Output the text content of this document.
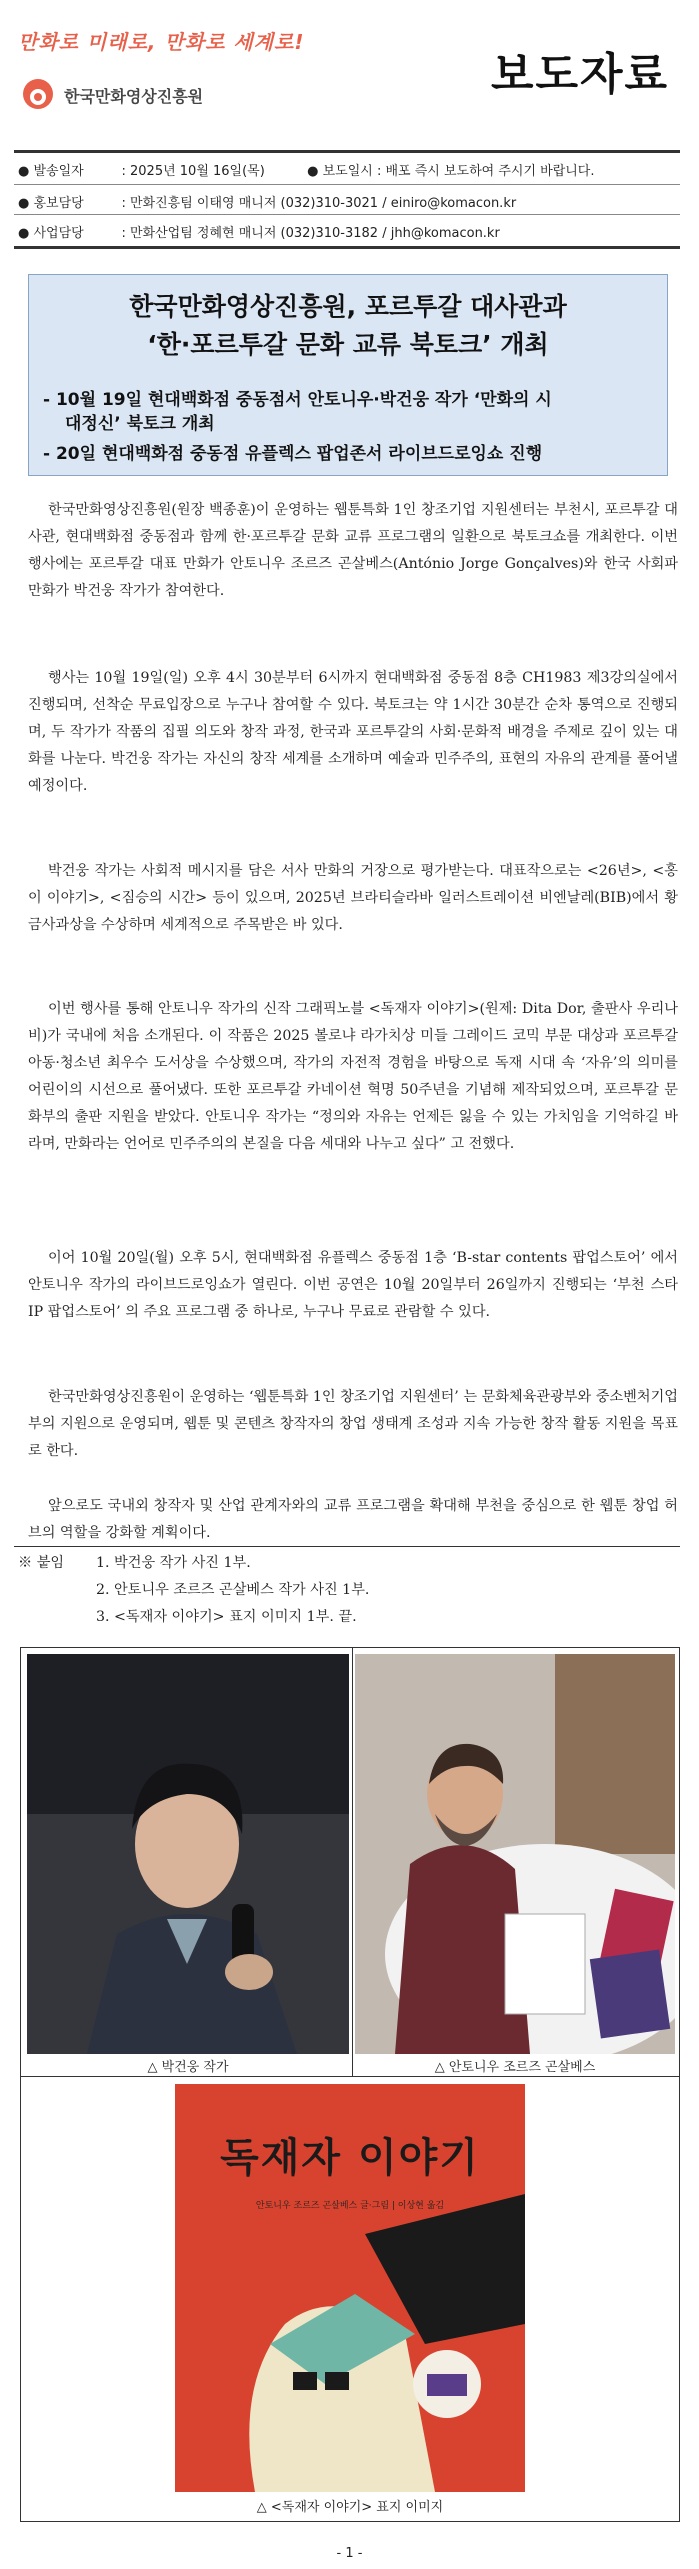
만화로 미래로, 만화로 세계로!
한국만화영상진흥원	보도자료
● 발송일자	: 2025년 10월 16일(목)	● 보도일시 : 배포 즉시 보도하여 주시기 바랍니다.
● 홍보담당	: 만화진흥팀 이태영 매니저 (032)310-3021 / einiro@komacon.kr
● 사업담당	: 만화산업팀 정혜현 매니저 (032)310-3182 / jhh@komacon.kr
한국만화영상진흥원, 포르투갈 대사관과
‘한·포르투갈 문화 교류 북토크’ 개최
- 10월 19일 현대백화점 중동점서 안토니우·박건웅 작가 ‘만화의 시
대정신’ 북토크 개최
- 20일 현대백화점 중동점 유플렉스 팝업존서 라이브드로잉쇼 진행
한국만화영상진흥원(원장 백종훈)이 운영하는 웹툰특화 1인 창조기업 지원센터는 부천시, 포르투갈 대사관, 현대백화점 중동점과 함께 한·포르투갈 문화 교류 프로그램의 일환으로 북토크쇼를 개최한다. 이번 행사에는 포르투갈 대표 만화가 안토니우 조르즈 곤살베스(António Jorge Gonçalves)와 한국 사회파 만화가 박건웅 작가가 참여한다.
행사는 10월 19일(일) 오후 4시 30분부터 6시까지 현대백화점 중동점 8층 CH1983 제3강의실에서 진행되며, 선착순 무료입장으로 누구나 참여할 수 있다. 북토크는 약 1시간 30분간 순차 통역으로 진행되며, 두 작가가 작품의 집필 의도와 창작 과정, 한국과 포르투갈의 사회·문화적 배경을 주제로 깊이 있는 대화를 나눈다. 박건웅 작가는 자신의 창작 세계를 소개하며 예술과 민주주의, 표현의 자유의 관계를 풀어낼 예정이다.
박건웅 작가는 사회적 메시지를 담은 서사 만화의 거장으로 평가받는다. 대표작으로는 <26년>, <홍이 이야기>, <짐승의 시간> 등이 있으며, 2025년 브라티슬라바 일러스트레이션 비엔날레(BIB)에서 황금사과상을 수상하며 세계적으로 주목받은 바 있다.
이번 행사를 통해 안토니우 작가의 신작 그래픽노블 <독재자 이야기>(원제: Dita Dor, 출판사 우리나비)가 국내에 처음 소개된다. 이 작품은 2025 볼로냐 라가치상 미들 그레이드 코믹 부문 대상과 포르투갈 아동·청소년 최우수 도서상을 수상했으며, 작가의 자전적 경험을 바탕으로 독재 시대 속 ‘자유’의 의미를 어린이의 시선으로 풀어냈다. 또한 포르투갈 카네이션 혁명 50주년을 기념해 제작되었으며, 포르투갈 문화부의 출판 지원을 받았다. 안토니우 작가는 “정의와 자유는 언제든 잃을 수 있는 가치임을 기억하길 바라며, 만화라는 언어로 민주주의의 본질을 다음 세대와 나누고 싶다” 고 전했다.
이어 10월 20일(월) 오후 5시, 현대백화점 유플렉스 중동점 1층 ‘B-star contents 팝업스토어’ 에서 안토니우 작가의 라이브드로잉쇼가 열린다. 이번 공연은 10월 20일부터 26일까지 진행되는 ‘부천 스타 IP 팝업스토어’ 의 주요 프로그램 중 하나로, 누구나 무료로 관람할 수 있다.
한국만화영상진흥원이 운영하는 ‘웹툰특화 1인 창조기업 지원센터’ 는 문화체육관광부와 중소벤처기업부의 지원으로 운영되며, 웹툰 및 콘텐츠 창작자의 창업 생태계 조성과 지속 가능한 창작 활동 지원을 목표로 한다.
앞으로도 국내외 창작자 및 산업 관계자와의 교류 프로그램을 확대해 부천을 중심으로 한 웹툰 창업 허브의 역할을 강화할 계획이다.
※ 붙임 1. 박건웅 작가 사진 1부.
2. 안토니우 조르즈 곤살베스 작가 사진 1부.
3. <독재자 이야기> 표지 이미지 1부. 끝.
△ 박건웅 작가	△ 안토니우 조르즈 곤살베스
독재자 이야기
안토니우 조르즈 곤살베스 글·그림 | 이상현 옮김
△ <독재자 이야기> 표지 이미지
- 1 -
